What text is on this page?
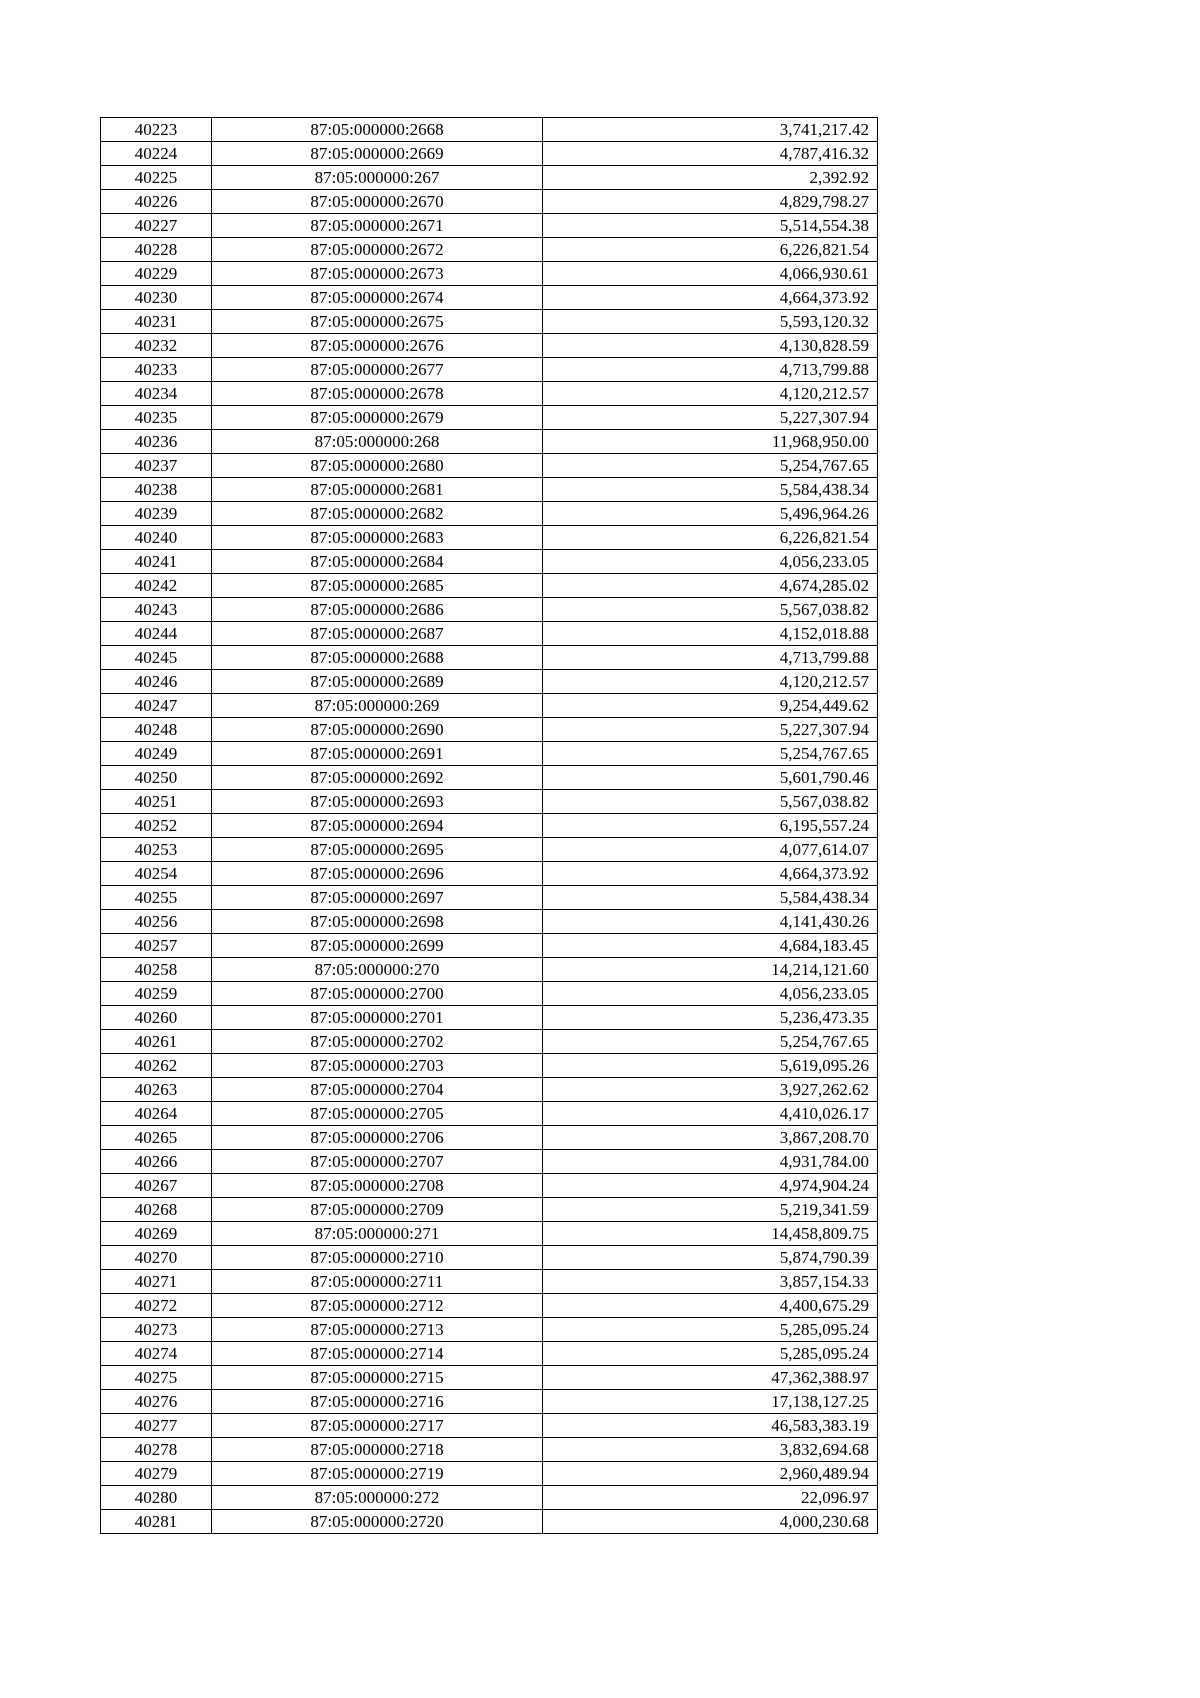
40223	87:05:000000:2668	3,741,217.42
40224	87:05:000000:2669	4,787,416.32
40225	87:05:000000:267	2,392.92
40226	87:05:000000:2670	4,829,798.27
40227	87:05:000000:2671	5,514,554.38
40228	87:05:000000:2672	6,226,821.54
40229	87:05:000000:2673	4,066,930.61
40230	87:05:000000:2674	4,664,373.92
40231	87:05:000000:2675	5,593,120.32
40232	87:05:000000:2676	4,130,828.59
40233	87:05:000000:2677	4,713,799.88
40234	87:05:000000:2678	4,120,212.57
40235	87:05:000000:2679	5,227,307.94
40236	87:05:000000:268	11,968,950.00
40237	87:05:000000:2680	5,254,767.65
40238	87:05:000000:2681	5,584,438.34
40239	87:05:000000:2682	5,496,964.26
40240	87:05:000000:2683	6,226,821.54
40241	87:05:000000:2684	4,056,233.05
40242	87:05:000000:2685	4,674,285.02
40243	87:05:000000:2686	5,567,038.82
40244	87:05:000000:2687	4,152,018.88
40245	87:05:000000:2688	4,713,799.88
40246	87:05:000000:2689	4,120,212.57
40247	87:05:000000:269	9,254,449.62
40248	87:05:000000:2690	5,227,307.94
40249	87:05:000000:2691	5,254,767.65
40250	87:05:000000:2692	5,601,790.46
40251	87:05:000000:2693	5,567,038.82
40252	87:05:000000:2694	6,195,557.24
40253	87:05:000000:2695	4,077,614.07
40254	87:05:000000:2696	4,664,373.92
40255	87:05:000000:2697	5,584,438.34
40256	87:05:000000:2698	4,141,430.26
40257	87:05:000000:2699	4,684,183.45
40258	87:05:000000:270	14,214,121.60
40259	87:05:000000:2700	4,056,233.05
40260	87:05:000000:2701	5,236,473.35
40261	87:05:000000:2702	5,254,767.65
40262	87:05:000000:2703	5,619,095.26
40263	87:05:000000:2704	3,927,262.62
40264	87:05:000000:2705	4,410,026.17
40265	87:05:000000:2706	3,867,208.70
40266	87:05:000000:2707	4,931,784.00
40267	87:05:000000:2708	4,974,904.24
40268	87:05:000000:2709	5,219,341.59
40269	87:05:000000:271	14,458,809.75
40270	87:05:000000:2710	5,874,790.39
40271	87:05:000000:2711	3,857,154.33
40272	87:05:000000:2712	4,400,675.29
40273	87:05:000000:2713	5,285,095.24
40274	87:05:000000:2714	5,285,095.24
40275	87:05:000000:2715	47,362,388.97
40276	87:05:000000:2716	17,138,127.25
40277	87:05:000000:2717	46,583,383.19
40278	87:05:000000:2718	3,832,694.68
40279	87:05:000000:2719	2,960,489.94
40280	87:05:000000:272	22,096.97
40281	87:05:000000:2720	4,000,230.68
